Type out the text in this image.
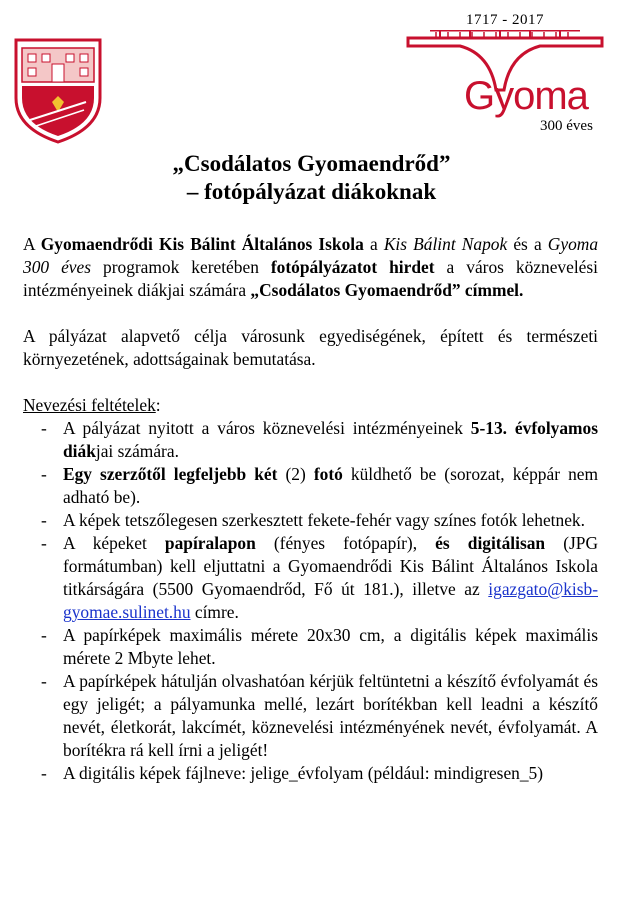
1717 - 2017
Gyoma
300 éves
„Csodálatos Gyomaendrőd”
– fotópályázat diákoknak

A Gyomaendrődi Kis Bálint Általános Iskola a Kis Bálint Napok és a Gyoma 300 éves programok keretében fotópályázatot hirdet a város köznevelési intézményeinek diákjai számára „Csodálatos Gyomaendrőd” címmel.

A pályázat alapvető célja városunk egyediségének, épített és természeti környezetének, adottságainak bemutatása.

Nevezési feltételek:
- A pályázat nyitott a város köznevelési intézményeinek 5-13. évfolyamos diákjai számára.
- Egy szerzőtől legfeljebb két (2) fotó küldhető be (sorozat, képpár nem adható be).
- A képek tetszőlegesen szerkesztett fekete-fehér vagy színes fotók lehetnek.
- A képeket papíralapon (fényes fotópapír), és digitálisan (JPG formátumban) kell eljuttatni a Gyomaendrődi Kis Bálint Általános Iskola titkárságára (5500 Gyomaendrőd, Fő út 181.), illetve az igazgato@kisb-gyomae.sulinet.hu címre.
- A papírképek maximális mérete 20x30 cm, a digitális képek maximális mérete 2 Mbyte lehet.
- A papírképek hátulján olvashatóan kérjük feltüntetni a készítő évfolyamát és egy jeligét; a pályamunka mellé, lezárt borítékban kell leadni a készítő nevét, életkorát, lakcímét, köznevelési intézményének nevét, évfolyamát. A borítékra rá kell írni a jeligét!
- A digitális képek fájlneve: jelige_évfolyam (például: mindigresen_5)
